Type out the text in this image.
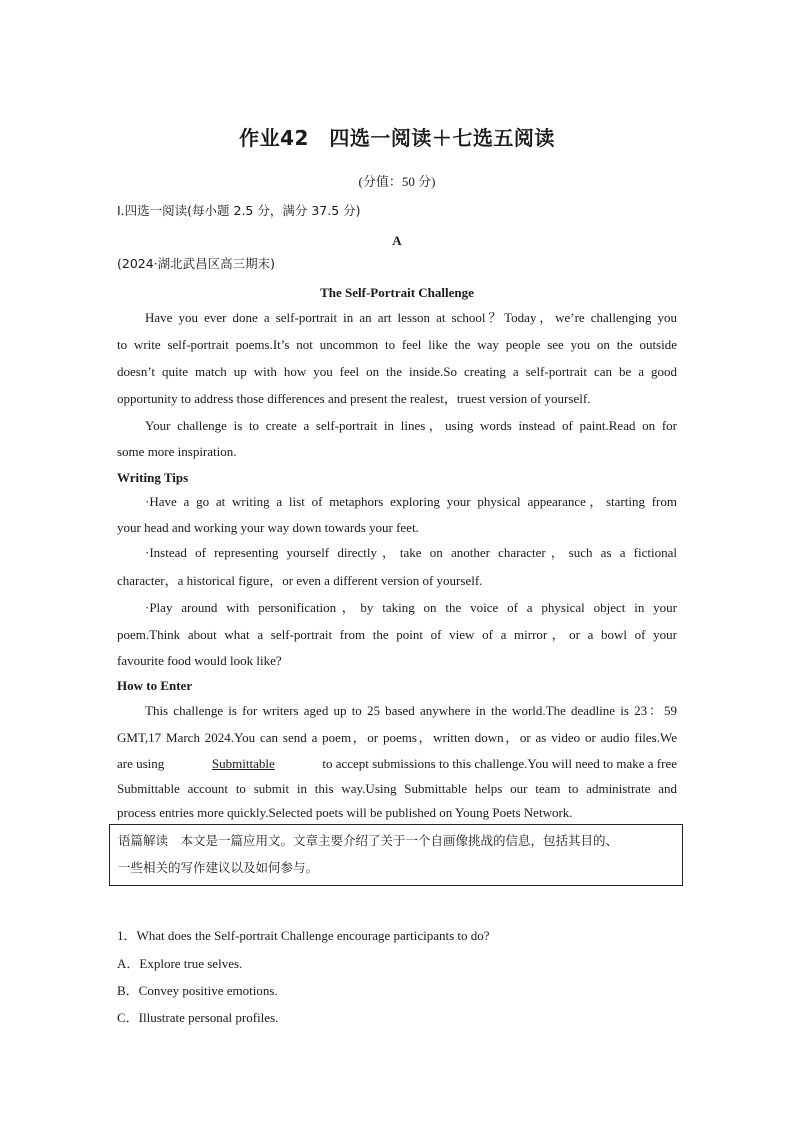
作业42　四选一阅读＋七选五阅读
(分值：50 分)
Ⅰ.四选一阅读(每小题 2.5 分，满分 37.5 分)
A
(2024·湖北武昌区高三期末)
The Self-Portrait Challenge
Have you ever done a self-portrait in an art lesson at school？Today，we’re challenging you
to write self-portrait poems.It’s not uncommon to feel like the way people see you on the outside
doesn’t quite match up with how you feel on the inside.So creating a self-portrait can be a good
opportunity to address those differences and present the realest，truest version of yourself.
Your challenge is to create a self-portrait in lines，using words instead of paint.Read on for
some more inspiration.
Writing Tips
·Have a go at writing a list of metaphors exploring your physical appearance，starting from
your head and working your way down towards your feet.
·Instead of representing yourself directly，take on another character，such as a fictional
character，a historical figure，or even a different version of yourself.
·Play around with personification，by taking on the voice of a physical object in your
poem.Think about what a self-portrait from the point of view of a mirror，or a bowl of your
favourite food would look like?
How to Enter
This challenge is for writers aged up to 25 based anywhere in the world.The deadline is 23：59
GMT,17 March 2024.You can send a poem，or poems，written down，or as video or audio files.We
are using	Submittable	to accept submissions to this challenge.You will need to make a free
Submittable account to submit in this way.Using Submittable helps our team to administrate and
process entries more quickly.Selected poets will be published on Young Poets Network.
语篇解读　本文是一篇应用文。文章主要介绍了关于一个自画像挑战的信息，包括其目的、
一些相关的写作建议以及如何参与。
1．What does the Self-portrait Challenge encourage participants to do?
A．Explore true selves.
B．Convey positive emotions.
C．Illustrate personal profiles.
